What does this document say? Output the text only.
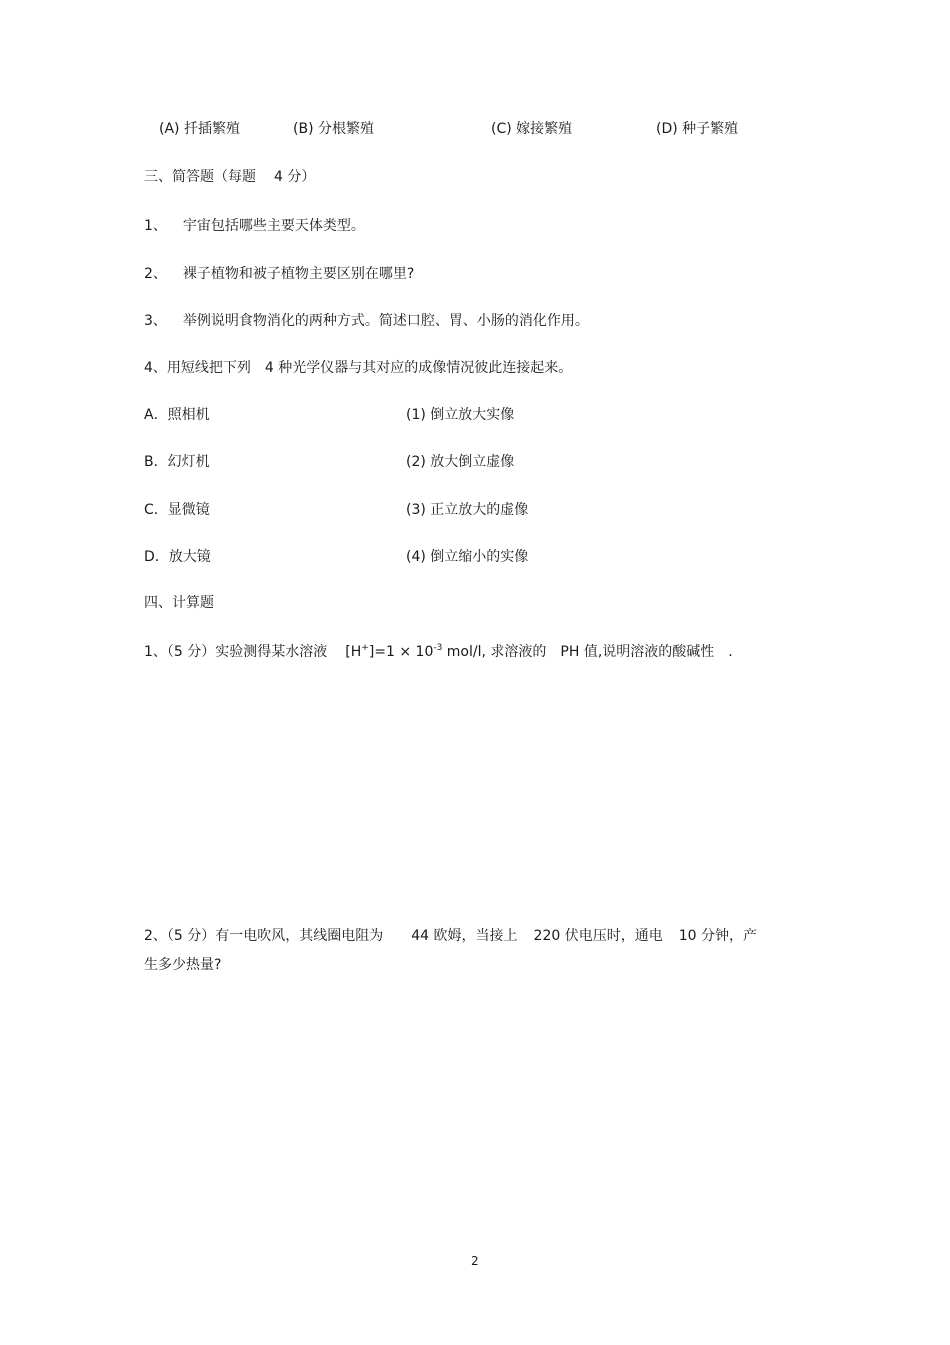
(A) 扦插繁殖	(B) 分根繁殖	(C) 嫁接繁殖	(D) 种子繁殖
三、简答题（每题 4 分）
1、 宇宙包括哪些主要天体类型。
2、 裸子植物和被子植物主要区别在哪里?
3、 举例说明食物消化的两种方式。简述口腔、胃、小肠的消化作用。
4、用短线把下列 4 种光学仪器与其对应的成像情况彼此连接起来。
A．照相机	(1) 倒立放大实像
B．幻灯机	(2) 放大倒立虚像
C．显微镜	(3) 正立放大的虚像
D．放大镜	(4) 倒立缩小的实像
四、计算题
1、（5 分）实验测得某水溶液 $[H^+]=1 \times 10^{-3}$ mol/l, 求溶液的 PH 值,说明溶液的酸碱性 .
2、（5 分）有一电吹风，其线圈电阻为 44 欧姆，当接上 220 伏电压时，通电 10 分钟，产
生多少热量?
2
